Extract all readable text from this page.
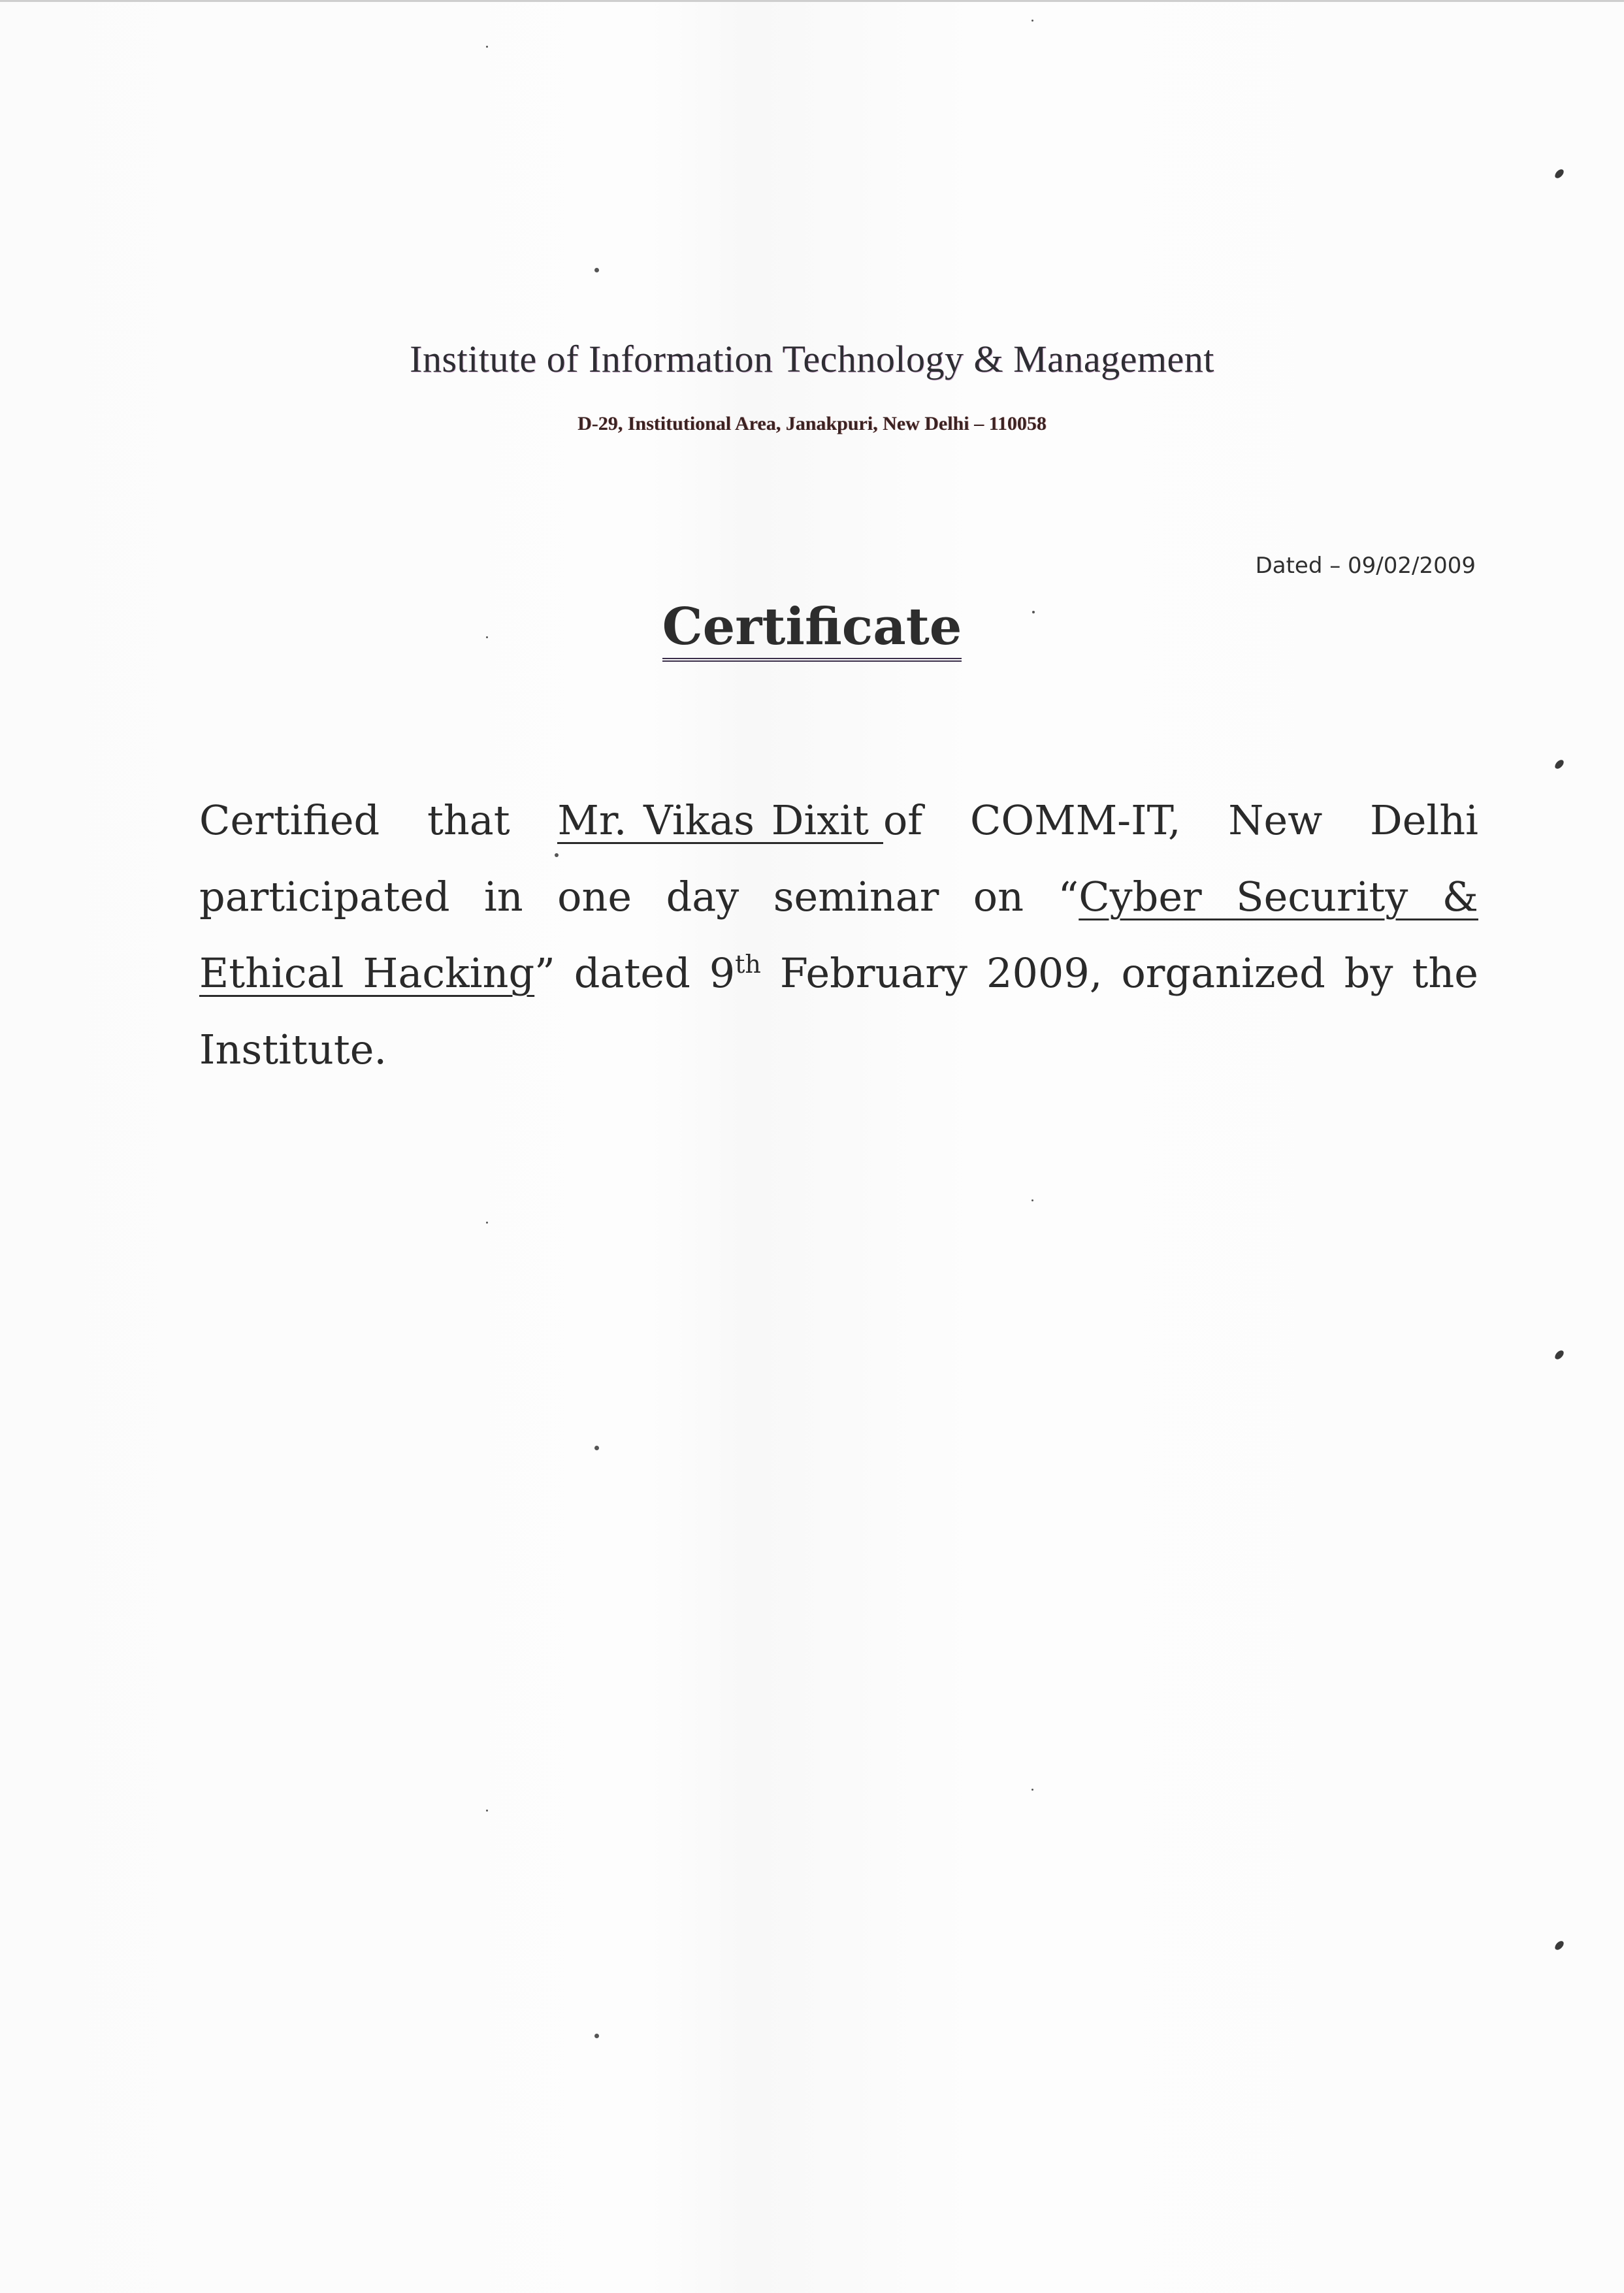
Institute of Information Technology & Management
D-29, Institutional Area, Janakpuri, New Delhi – 110058
Dated – 09/02/2009
Certificate
Certified that Mr. Vikas Dixit of COMM-IT, New Delhi participated in one day seminar on “Cyber Security & Ethical Hacking” dated 9th February 2009, organized by the Institute.
